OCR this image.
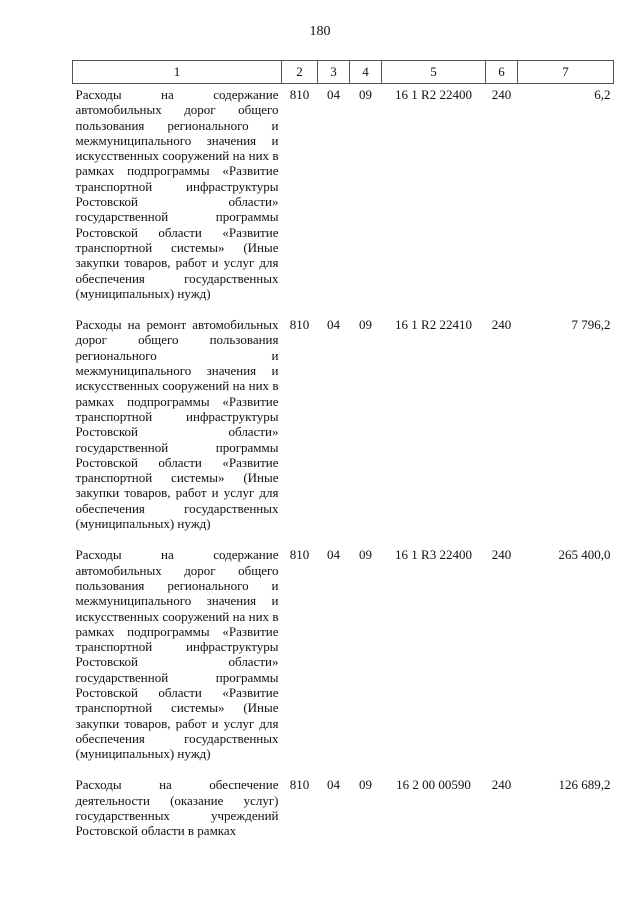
180
1	2	3	4	5	6	7
Расходы на содержание автомобильных дорог общего пользования регионального и межмуниципального значения и искусственных сооружений на них в рамках подпрограммы «Развитие транспортной инфраструктуры Ростовской области» государственной программы Ростовской области «Развитие транспортной системы» (Иные закупки товаров, работ и услуг для обеспечения государственных (муниципальных) нужд)	810	04	09	16 1 R2 22400	240	6,2
Расходы на ремонт автомобильных дорог общего пользования регионального и межмуниципального значения и искусственных сооружений на них в рамках подпрограммы «Развитие транспортной инфраструктуры Ростовской области» государственной программы Ростовской области «Развитие транспортной системы» (Иные закупки товаров, работ и услуг для обеспечения государственных (муниципальных) нужд)	810	04	09	16 1 R2 22410	240	7 796,2
Расходы на содержание автомобильных дорог общего пользования регионального и межмуниципального значения и искусственных сооружений на них в рамках подпрограммы «Развитие транспортной инфраструктуры Ростовской области» государственной программы Ростовской области «Развитие транспортной системы» (Иные закупки товаров, работ и услуг для обеспечения государственных (муниципальных) нужд)	810	04	09	16 1 R3 22400	240	265 400,0
Расходы на обеспечение деятельности (оказание услуг) государственных учреждений Ростовской области в рамках	810	04	09	16 2 00 00590	240	126 689,2
